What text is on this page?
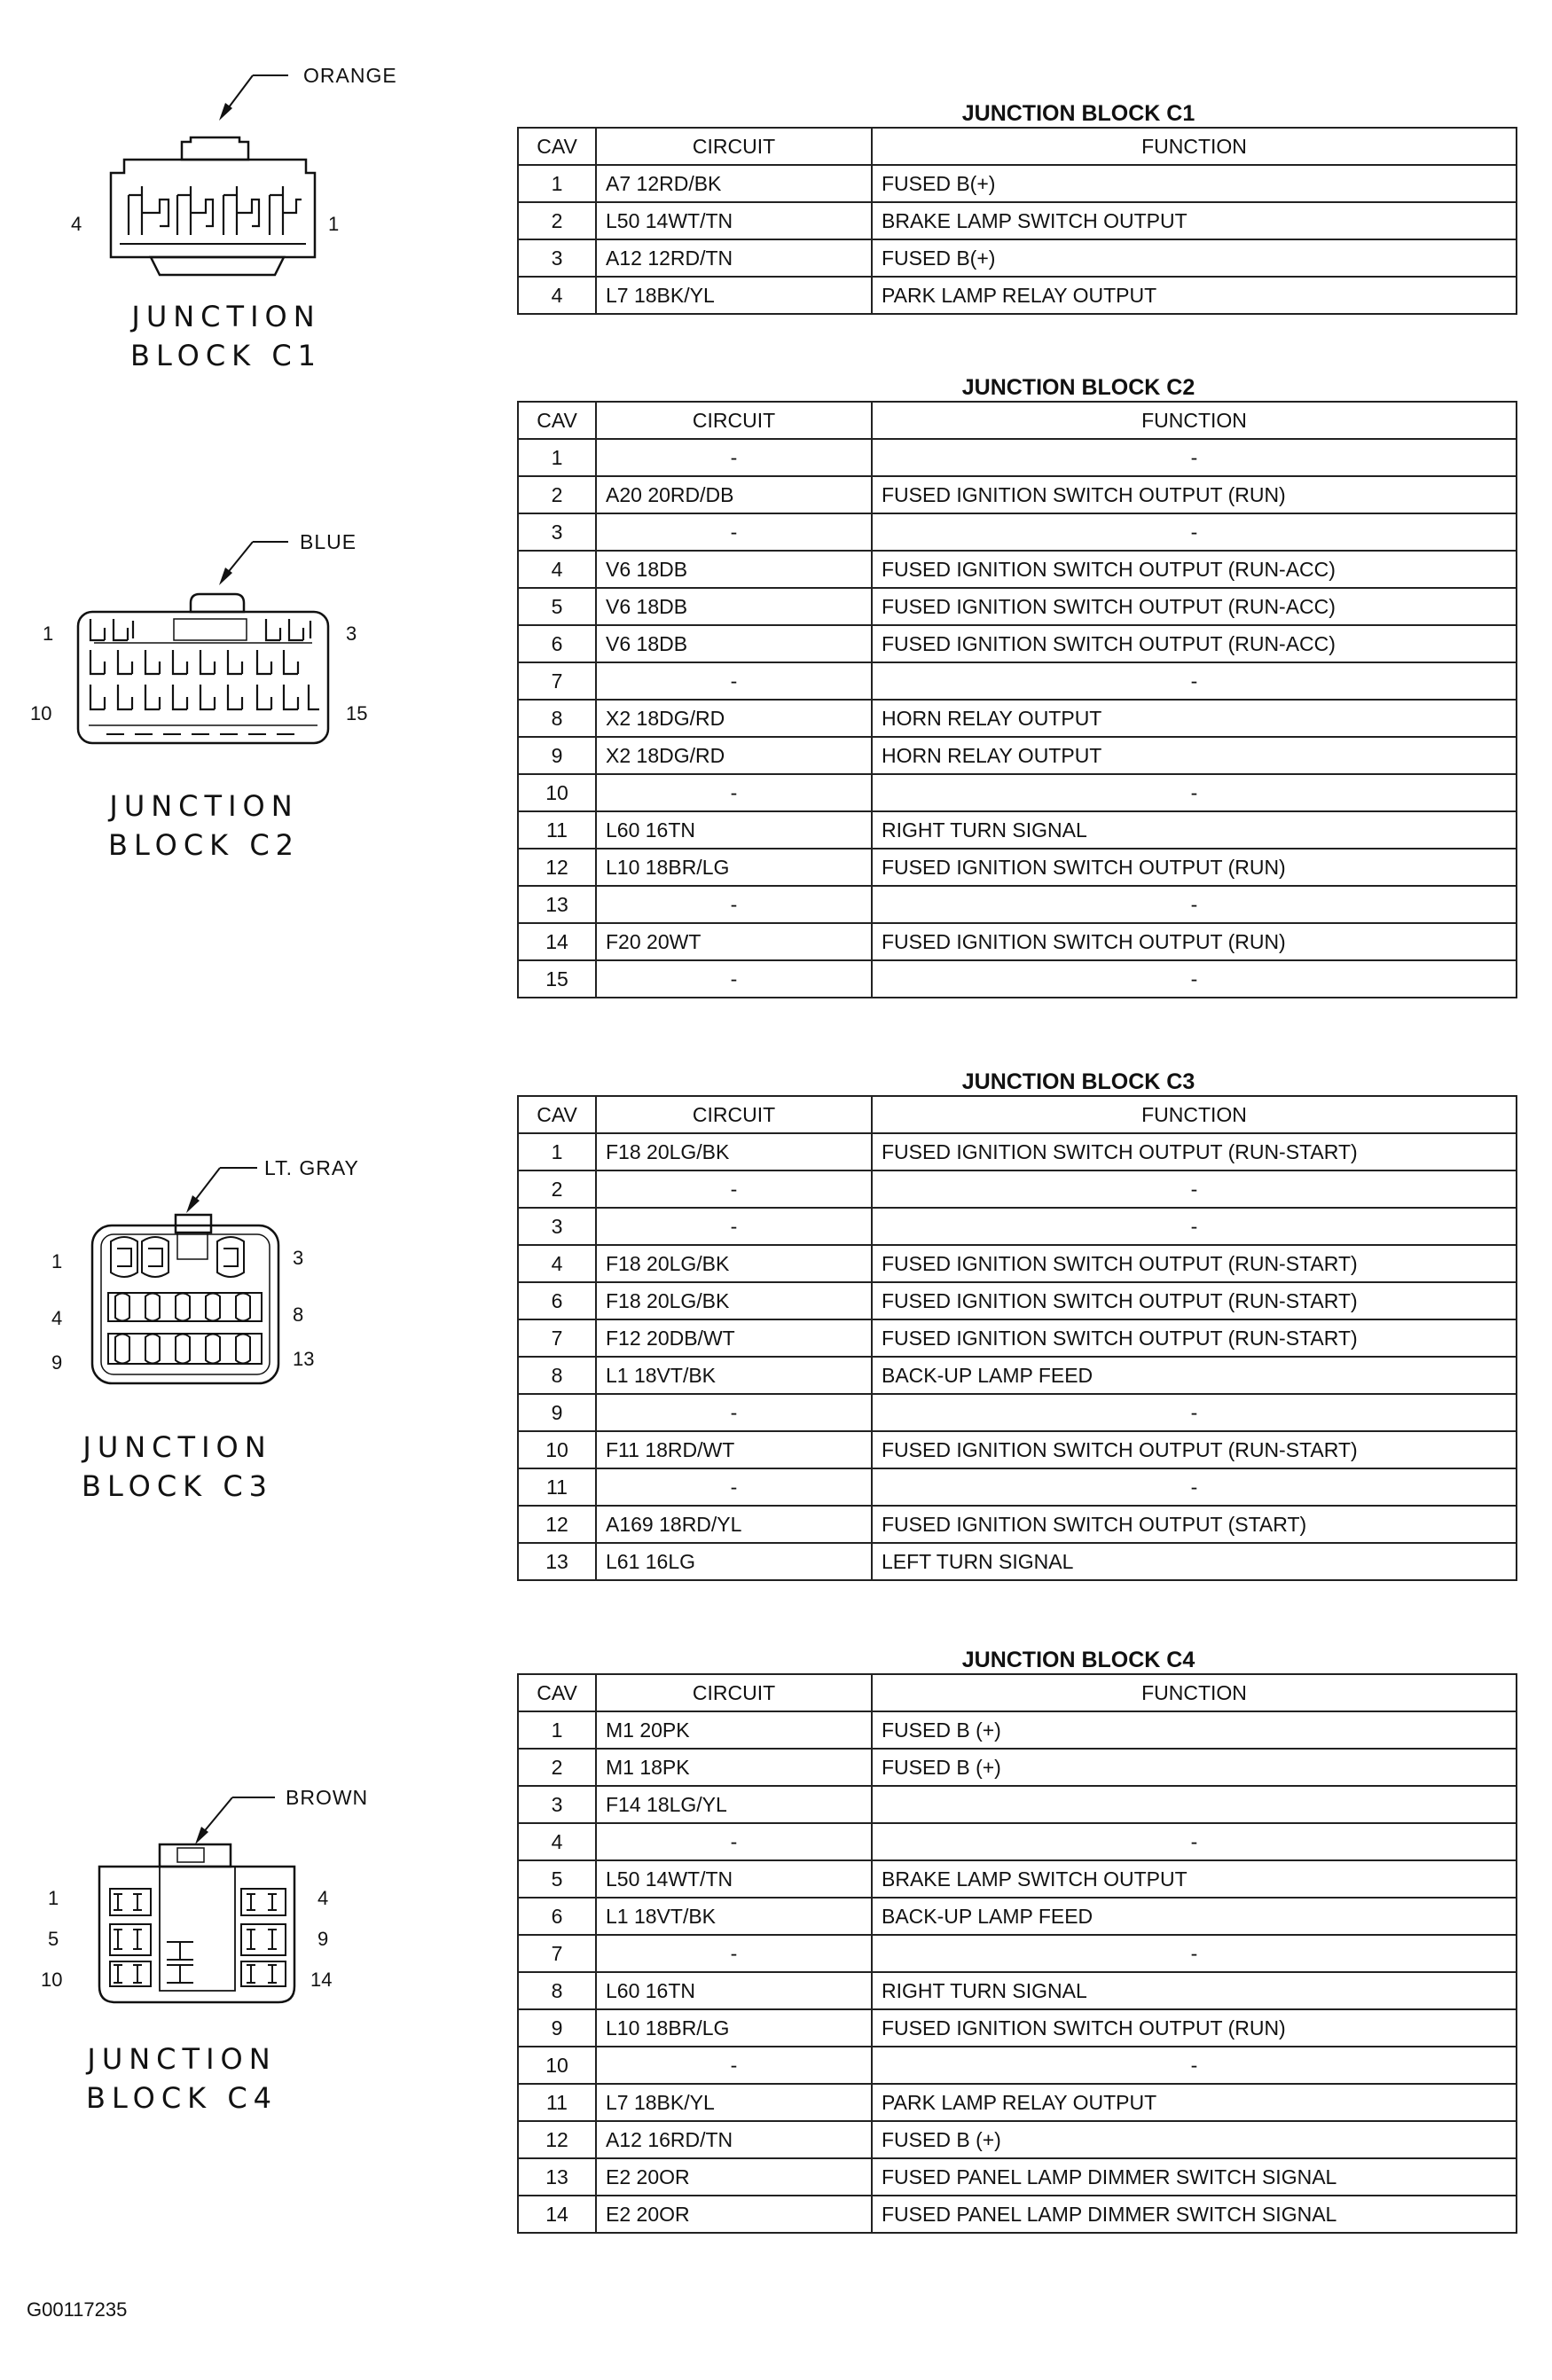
ORANGE
4	1
JUNCTION
BLOCK C1
BLUE
1	3
10	15
JUNCTION
BLOCK C2
LT. GRAY
1	3
4	8
9	13
JUNCTION
BLOCK C3
BROWN
1	4
5	9
10	14
JUNCTION
BLOCK C4
JUNCTION BLOCK C1
CAV	CIRCUIT	FUNCTION
1	A7 12RD/BK	FUSED B(+)
2	L50 14WT/TN	BRAKE LAMP SWITCH OUTPUT
3	A12 12RD/TN	FUSED B(+)
4	L7 18BK/YL	PARK LAMP RELAY OUTPUT
JUNCTION BLOCK C2
CAV	CIRCUIT	FUNCTION
1	-	-
2	A20 20RD/DB	FUSED IGNITION SWITCH OUTPUT (RUN)
3	-	-
4	V6 18DB	FUSED IGNITION SWITCH OUTPUT (RUN-ACC)
5	V6 18DB	FUSED IGNITION SWITCH OUTPUT (RUN-ACC)
6	V6 18DB	FUSED IGNITION SWITCH OUTPUT (RUN-ACC)
7	-	-
8	X2 18DG/RD	HORN RELAY OUTPUT
9	X2 18DG/RD	HORN RELAY OUTPUT
10	-	-
11	L60 16TN	RIGHT TURN SIGNAL
12	L10 18BR/LG	FUSED IGNITION SWITCH OUTPUT (RUN)
13	-	-
14	F20 20WT	FUSED IGNITION SWITCH OUTPUT (RUN)
15	-	-
JUNCTION BLOCK C3
CAV	CIRCUIT	FUNCTION
1	F18 20LG/BK	FUSED IGNITION SWITCH OUTPUT (RUN-START)
2	-	-
3	-	-
4	F18 20LG/BK	FUSED IGNITION SWITCH OUTPUT (RUN-START)
6	F18 20LG/BK	FUSED IGNITION SWITCH OUTPUT (RUN-START)
7	F12 20DB/WT	FUSED IGNITION SWITCH OUTPUT (RUN-START)
8	L1 18VT/BK	BACK-UP LAMP FEED
9	-	-
10	F11 18RD/WT	FUSED IGNITION SWITCH OUTPUT (RUN-START)
11	-	-
12	A169 18RD/YL	FUSED IGNITION SWITCH OUTPUT (START)
13	L61 16LG	LEFT TURN SIGNAL
JUNCTION BLOCK C4
CAV	CIRCUIT	FUNCTION
1	M1 20PK	FUSED B (+)
2	M1 18PK	FUSED B (+)
3	F14 18LG/YL	
4	-	-
5	L50 14WT/TN	BRAKE LAMP SWITCH OUTPUT
6	L1 18VT/BK	BACK-UP LAMP FEED
7	-	-
8	L60 16TN	RIGHT TURN SIGNAL
9	L10 18BR/LG	FUSED IGNITION SWITCH OUTPUT (RUN)
10	-	-
11	L7 18BK/YL	PARK LAMP RELAY OUTPUT
12	A12 16RD/TN	FUSED B (+)
13	E2 20OR	FUSED PANEL LAMP DIMMER SWITCH SIGNAL
14	E2 20OR	FUSED PANEL LAMP DIMMER SWITCH SIGNAL
G00117235
